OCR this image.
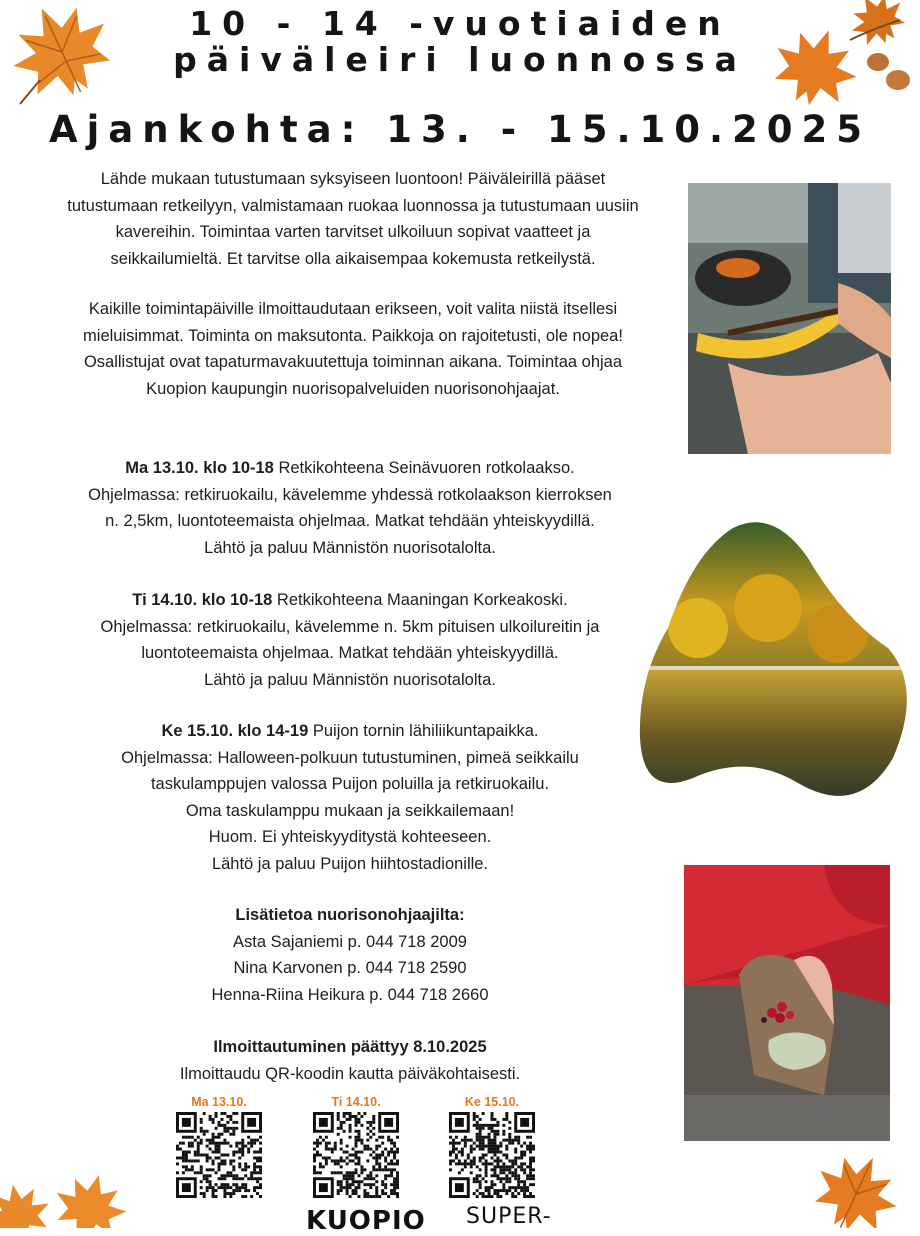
10 - 14 -vuotiaiden
päiväleiri luonnossa
Ajankohta: 13. - 15.10.2025

Lähde mukaan tutustumaan syksyiseen luontoon! Päiväleirillä pääset

tutustumaan retkeilyyn, valmistamaan ruokaa luonnossa ja tutustumaan uusiin

kavereihin. Toimintaa varten tarvitset ulkoiluun sopivat vaatteet ja

seikkailumieltä. Et tarvitse olla aikaisempaa kokemusta retkeilystä.

Kaikille toimintapäiville ilmoittaudutaan erikseen, voit valita niistä itsellesi

mieluisimmat. Toiminta on maksutonta. Paikkoja on rajoitetusti, ole nopea!

Osallistujat ovat tapaturmavakuutettuja toiminnan aikana. Toimintaa ohjaa

Kuopion kaupungin nuorisopalveluiden nuorisonohjaajat.

Ma 13.10. klo 10-18 Retkikohteena Seinävuoren rotkolaakso.

Ohjelmassa: retkiruokailu, kävelemme yhdessä rotkolaakson kierroksen

n. 2,5km, luontoteemaista ohjelmaa. Matkat tehdään yhteiskyydillä.

Lähtö ja paluu Männistön nuorisotalolta.

Ti 14.10. klo 10-18 Retkikohteena Maaningan Korkeakoski.

Ohjelmassa: retkiruokailu, kävelemme n. 5km pituisen ulkoilureitin ja

luontoteemaista ohjelmaa. Matkat tehdään yhteiskyydillä.

Lähtö ja paluu Männistön nuorisotalolta.

Ke 15.10. klo 14-19 Puijon tornin lähiliikuntapaikka.

Ohjelmassa: Halloween-polkuun tutustuminen, pimeä seikkailu

taskulamppujen valossa Puijon poluilla ja retkiruokailu.

Oma taskulamppu mukaan ja seikkailemaan!

Huom. Ei yhteiskyyditystä kohteeseen.

Lähtö ja paluu Puijon hiihtostadionille.

Lisätietoa nuorisonohjaajilta:

Asta Sajaniemi p. 044 718 2009

Nina Karvonen p. 044 718 2590

Henna-Riina Heikura p. 044 718 2660

Ilmoittautuminen päättyy 8.10.2025

Ilmoittaudu QR-koodin kautta päiväkohtaisesti.

Ma 13.10.	Ti 14.10.	Ke 15.10.
KUOPIO SUPER-
